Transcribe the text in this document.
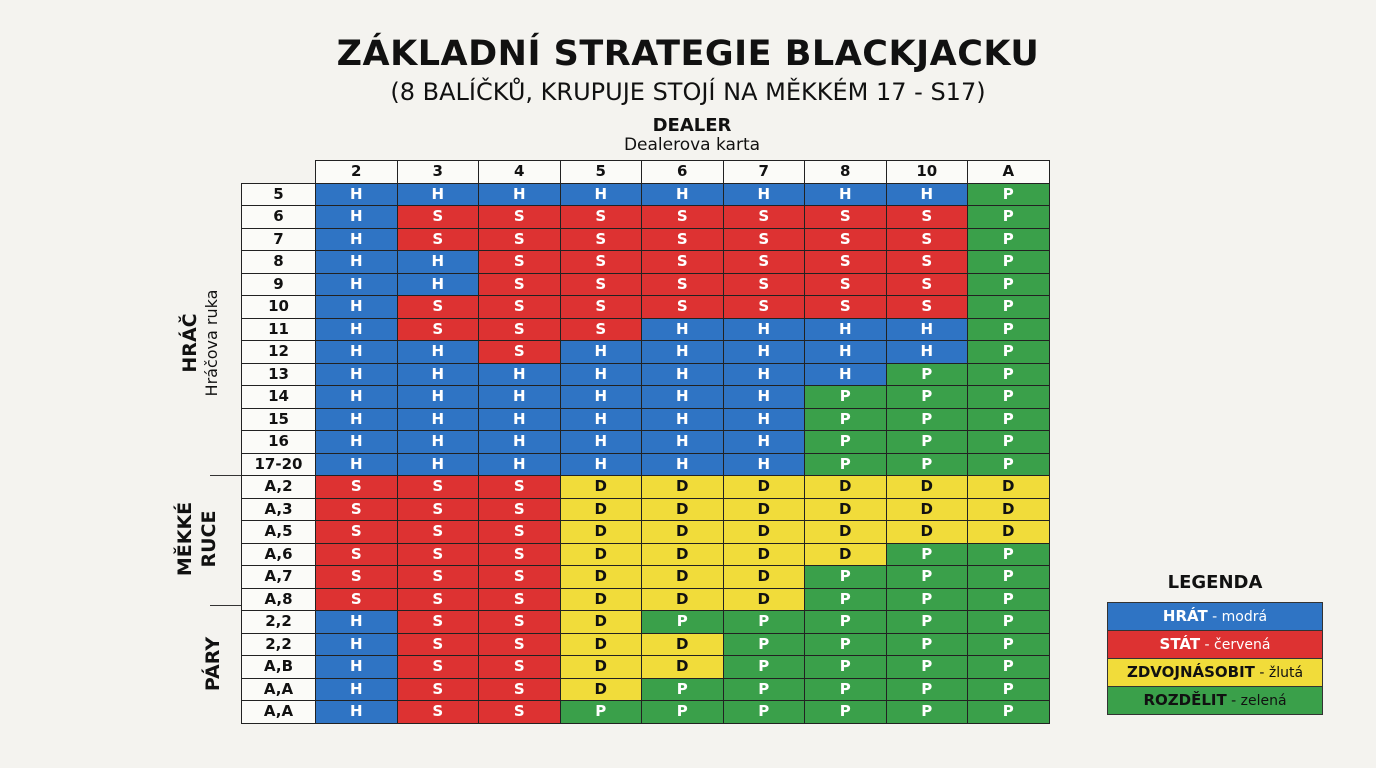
ZÁKLADNÍ STRATEGIE BLACKJACKU
(8 BALÍČKŮ, KRUPUJE STOJÍ NA MĚKKÉM 17 - S17)
DEALER
Dealerova karta
HRÁČ Hráčova ruka
MĚKKÉ RUCE
PÁRY
	2	3	4	5	6	7	8	10	A
5	H	H	H	H	H	H	H	H	P
6	H	S	S	S	S	S	S	S	P
7	H	S	S	S	S	S	S	S	P
8	H	H	S	S	S	S	S	S	P
9	H	H	S	S	S	S	S	S	P
10	H	S	S	S	S	S	S	S	P
11	H	S	S	S	H	H	H	H	P
12	H	H	S	H	H	H	H	H	P
13	H	H	H	H	H	H	H	P	P
14	H	H	H	H	H	H	P	P	P
15	H	H	H	H	H	H	P	P	P
16	H	H	H	H	H	H	P	P	P
17-20	H	H	H	H	H	H	P	P	P
A,2	S	S	S	D	D	D	D	D	D
A,3	S	S	S	D	D	D	D	D	D
A,5	S	S	S	D	D	D	D	D	D
A,6	S	S	S	D	D	D	D	P	P
A,7	S	S	S	D	D	D	P	P	P
A,8	S	S	S	D	D	D	P	P	P
2,2	H	S	S	D	P	P	P	P	P
2,2	H	S	S	D	D	P	P	P	P
A,B	H	S	S	D	D	P	P	P	P
A,A	H	S	S	D	P	P	P	P	P
A,A	H	S	S	P	P	P	P	P	P
LEGENDA
HRÁT - modrá
STÁT - červená
ZDVOJNÁSOBIT - žlutá
ROZDĚLIT - zelená
